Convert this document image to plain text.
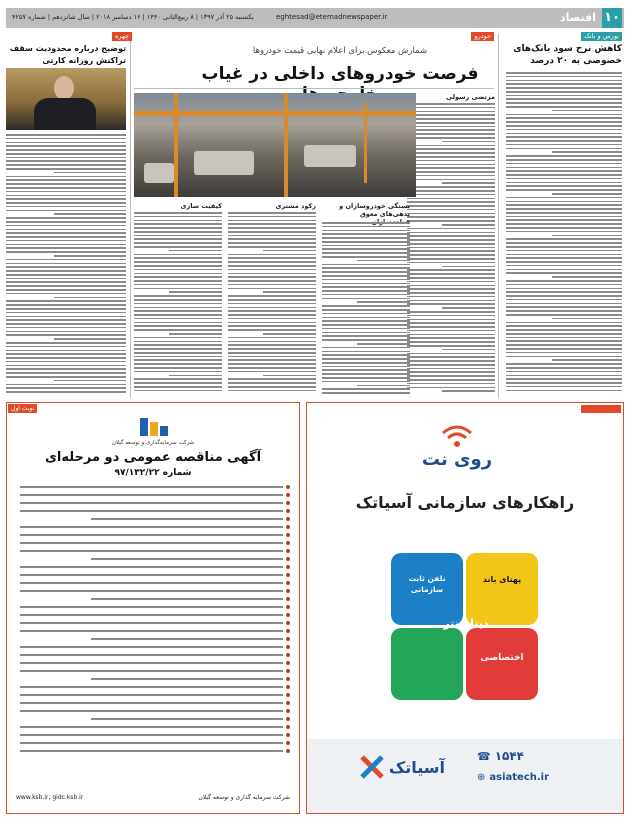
۱۰
اقتصاد
eghtesad@etemadnewspaper.ir
یکشنبه ۲۵ آذر ۱۳۹۷ | ۸ ربیع‌الثانی ۱۴۴۰ | ۱۶ دسامبر ۲۰۱۸ | سال شانزدهم | شماره ۴۲۵۷
بورس و بانک
کاهش نرخ سود بانک‌های خصوصی به ۲۰ درصد
خودرو
شمارش معکوس برای اعلام نهایی قیمت خودروها
فرصت خودروهای داخلی در غیاب
مرتضی رسولی
بستگی خودروسازان و بدهی‌های معوق
رکود مشتری
کیفیت سازی
چهره
توضیح درباره محدودیت سقف تراکنش روزانه کارتی
نوبت اول
شرکت سرمایه‌گذاری و توسعه گیلان
آگهی مناقصه عمومی دو مرحله‌ای
شماره ۹۷/۱۳۲/۲۲
شرکت سرمایه گذاری و توسعه گیلان
www.ksb.ir, gidc.ksb.ir
روی نت
راهکارهای سازمانی آسیاتک
پهنای باند
دیتاسنتر
اختصاصی
تلفن ثابت سازمانی
☎ ۱۵۴۴
⊕ asiatech.ir
آسیاتک
